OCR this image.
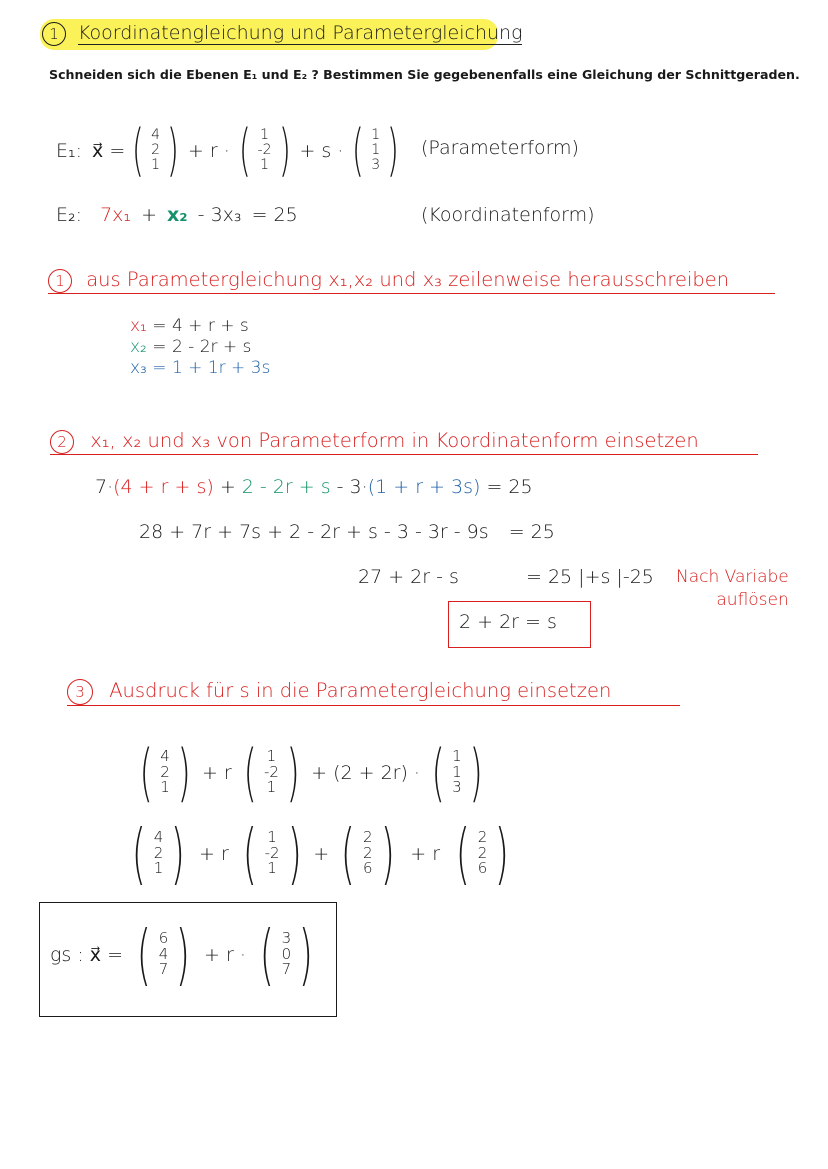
1 Koordinatengleichung und Parametergleichung
Schneiden sich die Ebenen E₁ und E₂ ? Bestimmen Sie gegebenenfalls eine Gleichung der Schnittgeraden.
E₁: x⃗ = ( 4
2
1 ) + r · ( 1
-2
1 ) + s · ( 1
1
3 ) (Parameterform)
E₂: 7x₁ + x₂ - 3x₃ = 25	(Koordinatenform)
1 aus Parametergleichung x₁,x₂ und x₃ zeilenweise herausschreiben
x₁ = 4 + r + s
x₂ = 2 - 2r + s
x₃ = 1 + 1r + 3s
2 x₁, x₂ und x₃ von Parameterform in Koordinatenform einsetzen
7·(4 + r + s) + 2 - 2r + s - 3·(1 + r + 3s) = 25
28 + 7r + 7s + 2 - 2r + s - 3 - 3r - 9s = 25
27 + 2r - s	= 25 |+s |-25 Nach Variabe
auflösen
2 + 2r = s
3 Ausdruck für s in die Parametergleichung einsetzen
( 4
2
1 ) + r ( 1
-2
1 ) + (2 + 2r) · ( 1
1
3 )
( 4
2
1 ) + r ( 1
-2
1 ) + ( 2
2
6 ) + r ( 2
2
6 )
gs : x⃗ = ( 6
4
7 ) + r · ( 3
0
7 )
